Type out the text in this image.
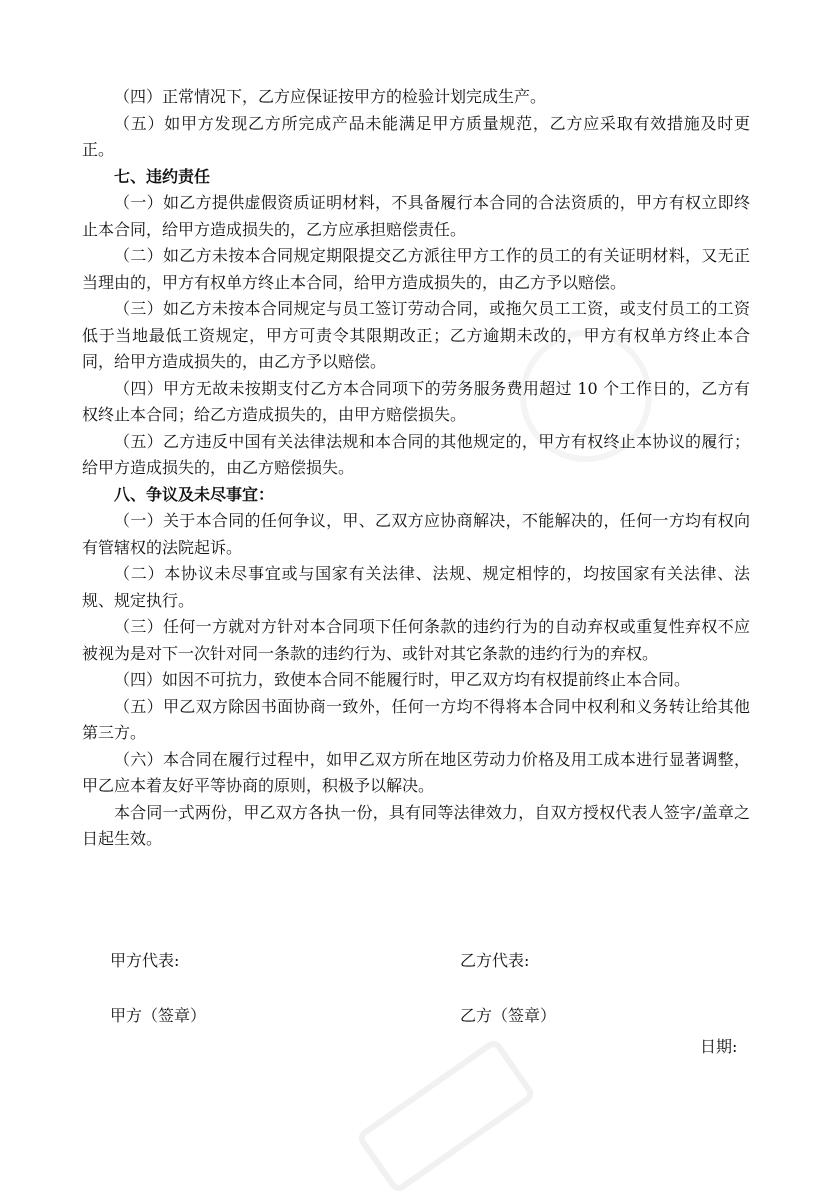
（四）正常情况下，乙方应保证按甲方的检验计划完成生产。

（五）如甲方发现乙方所完成产品未能满足甲方质量规范，乙方应采取有效措施及时更正。

七、违约责任

（一）如乙方提供虚假资质证明材料，不具备履行本合同的合法资质的，甲方有权立即终止本合同，给甲方造成损失的，乙方应承担赔偿责任。

（二）如乙方未按本合同规定期限提交乙方派往甲方工作的员工的有关证明材料，又无正当理由的，甲方有权单方终止本合同，给甲方造成损失的，由乙方予以赔偿。

（三）如乙方未按本合同规定与员工签订劳动合同，或拖欠员工工资，或支付员工的工资低于当地最低工资规定，甲方可责令其限期改正；乙方逾期未改的，甲方有权单方终止本合同，给甲方造成损失的，由乙方予以赔偿。

（四）甲方无故未按期支付乙方本合同项下的劳务服务费用超过 10 个工作日的，乙方有权终止本合同；给乙方造成损失的，由甲方赔偿损失。

（五）乙方违反中国有关法律法规和本合同的其他规定的，甲方有权终止本协议的履行；给甲方造成损失的，由乙方赔偿损失。

八、争议及未尽事宜：

（一）关于本合同的任何争议，甲、乙双方应协商解决，不能解决的，任何一方均有权向有管辖权的法院起诉。

（二）本协议未尽事宜或与国家有关法律、法规、规定相悖的，均按国家有关法律、法规、规定执行。

（三）任何一方就对方针对本合同项下任何条款的违约行为的自动弃权或重复性弃权不应被视为是对下一次针对同一条款的违约行为、或针对其它条款的违约行为的弃权。

（四）如因不可抗力，致使本合同不能履行时，甲乙双方均有权提前终止本合同。

（五）甲乙双方除因书面协商一致外，任何一方均不得将本合同中权利和义务转让给其他第三方。

（六）本合同在履行过程中，如甲乙双方所在地区劳动力价格及用工成本进行显著调整，甲乙应本着友好平等协商的原则，积极予以解决。

本合同一式两份，甲乙双方各执一份，具有同等法律效力，自双方授权代表人签字/盖章之日起生效。

甲方代表:	乙方代表:
甲方（签章）	乙方（签章）
日期:
